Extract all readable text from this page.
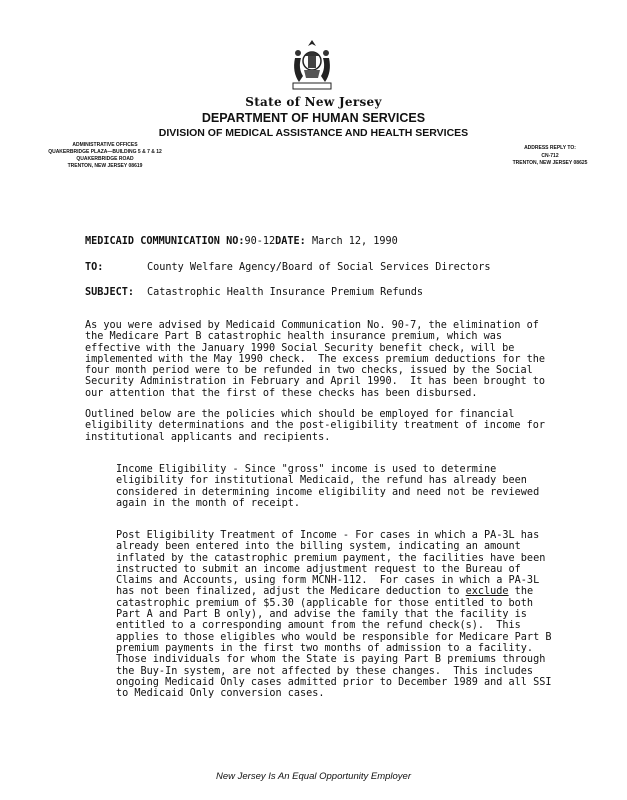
State of New Jersey
DEPARTMENT OF HUMAN SERVICES
DIVISION OF MEDICAL ASSISTANCE AND HEALTH SERVICES
ADMINISTRATIVE OFFICES
QUAKERBRIDGE PLAZA—BUILDING 5 & 7 & 12
QUAKERBRIDGE ROAD
TRENTON, NEW JERSEY 08619
ADDRESS REPLY TO:
CN-712
TRENTON, NEW JERSEY 08625
MEDICAID COMMUNICATION NO:90-12DATE: March 12, 1990
TO:	County Welfare Agency/Board of Social Services Directors
SUBJECT: Catastrophic Health Insurance Premium Refunds
As you were advised by Medicaid Communication No. 90-7, the elimination of
the Medicare Part B catastrophic health insurance premium, which was
effective with the January 1990 Social Security benefit check, will be
implemented with the May 1990 check.  The excess premium deductions for the
four month period were to be refunded in two checks, issued by the Social
Security Administration in February and April 1990.  It has been brought to
our attention that the first of these checks has been disbursed.
Outlined below are the policies which should be employed for financial
eligibility determinations and the post-eligibility treatment of income for
institutional applicants and recipients.
Income Eligibility - Since "gross" income is used to determine
eligibility for institutional Medicaid, the refund has already been
considered in determining income eligibility and need not be reviewed
again in the month of receipt.
Post Eligibility Treatment of Income - For cases in which a PA-3L has
already been entered into the billing system, indicating an amount
inflated by the catastrophic premium payment, the facilities have been
instructed to submit an income adjustment request to the Bureau of
Claims and Accounts, using form MCNH-112.  For cases in which a PA-3L
has not been finalized, adjust the Medicare deduction to exclude the
catastrophic premium of $5.30 (applicable for those entitled to both
Part A and Part B only), and advise the family that the facility is
entitled to a corresponding amount from the refund check(s).  This
applies to those eligibles who would be responsible for Medicare Part B
premium payments in the first two months of admission to a facility.
Those individuals for whom the State is paying Part B premiums through
the Buy-In system, are not affected by these changes.  This includes
ongoing Medicaid Only cases admitted prior to December 1989 and all SSI
to Medicaid Only conversion cases.
New Jersey Is An Equal Opportunity Employer
